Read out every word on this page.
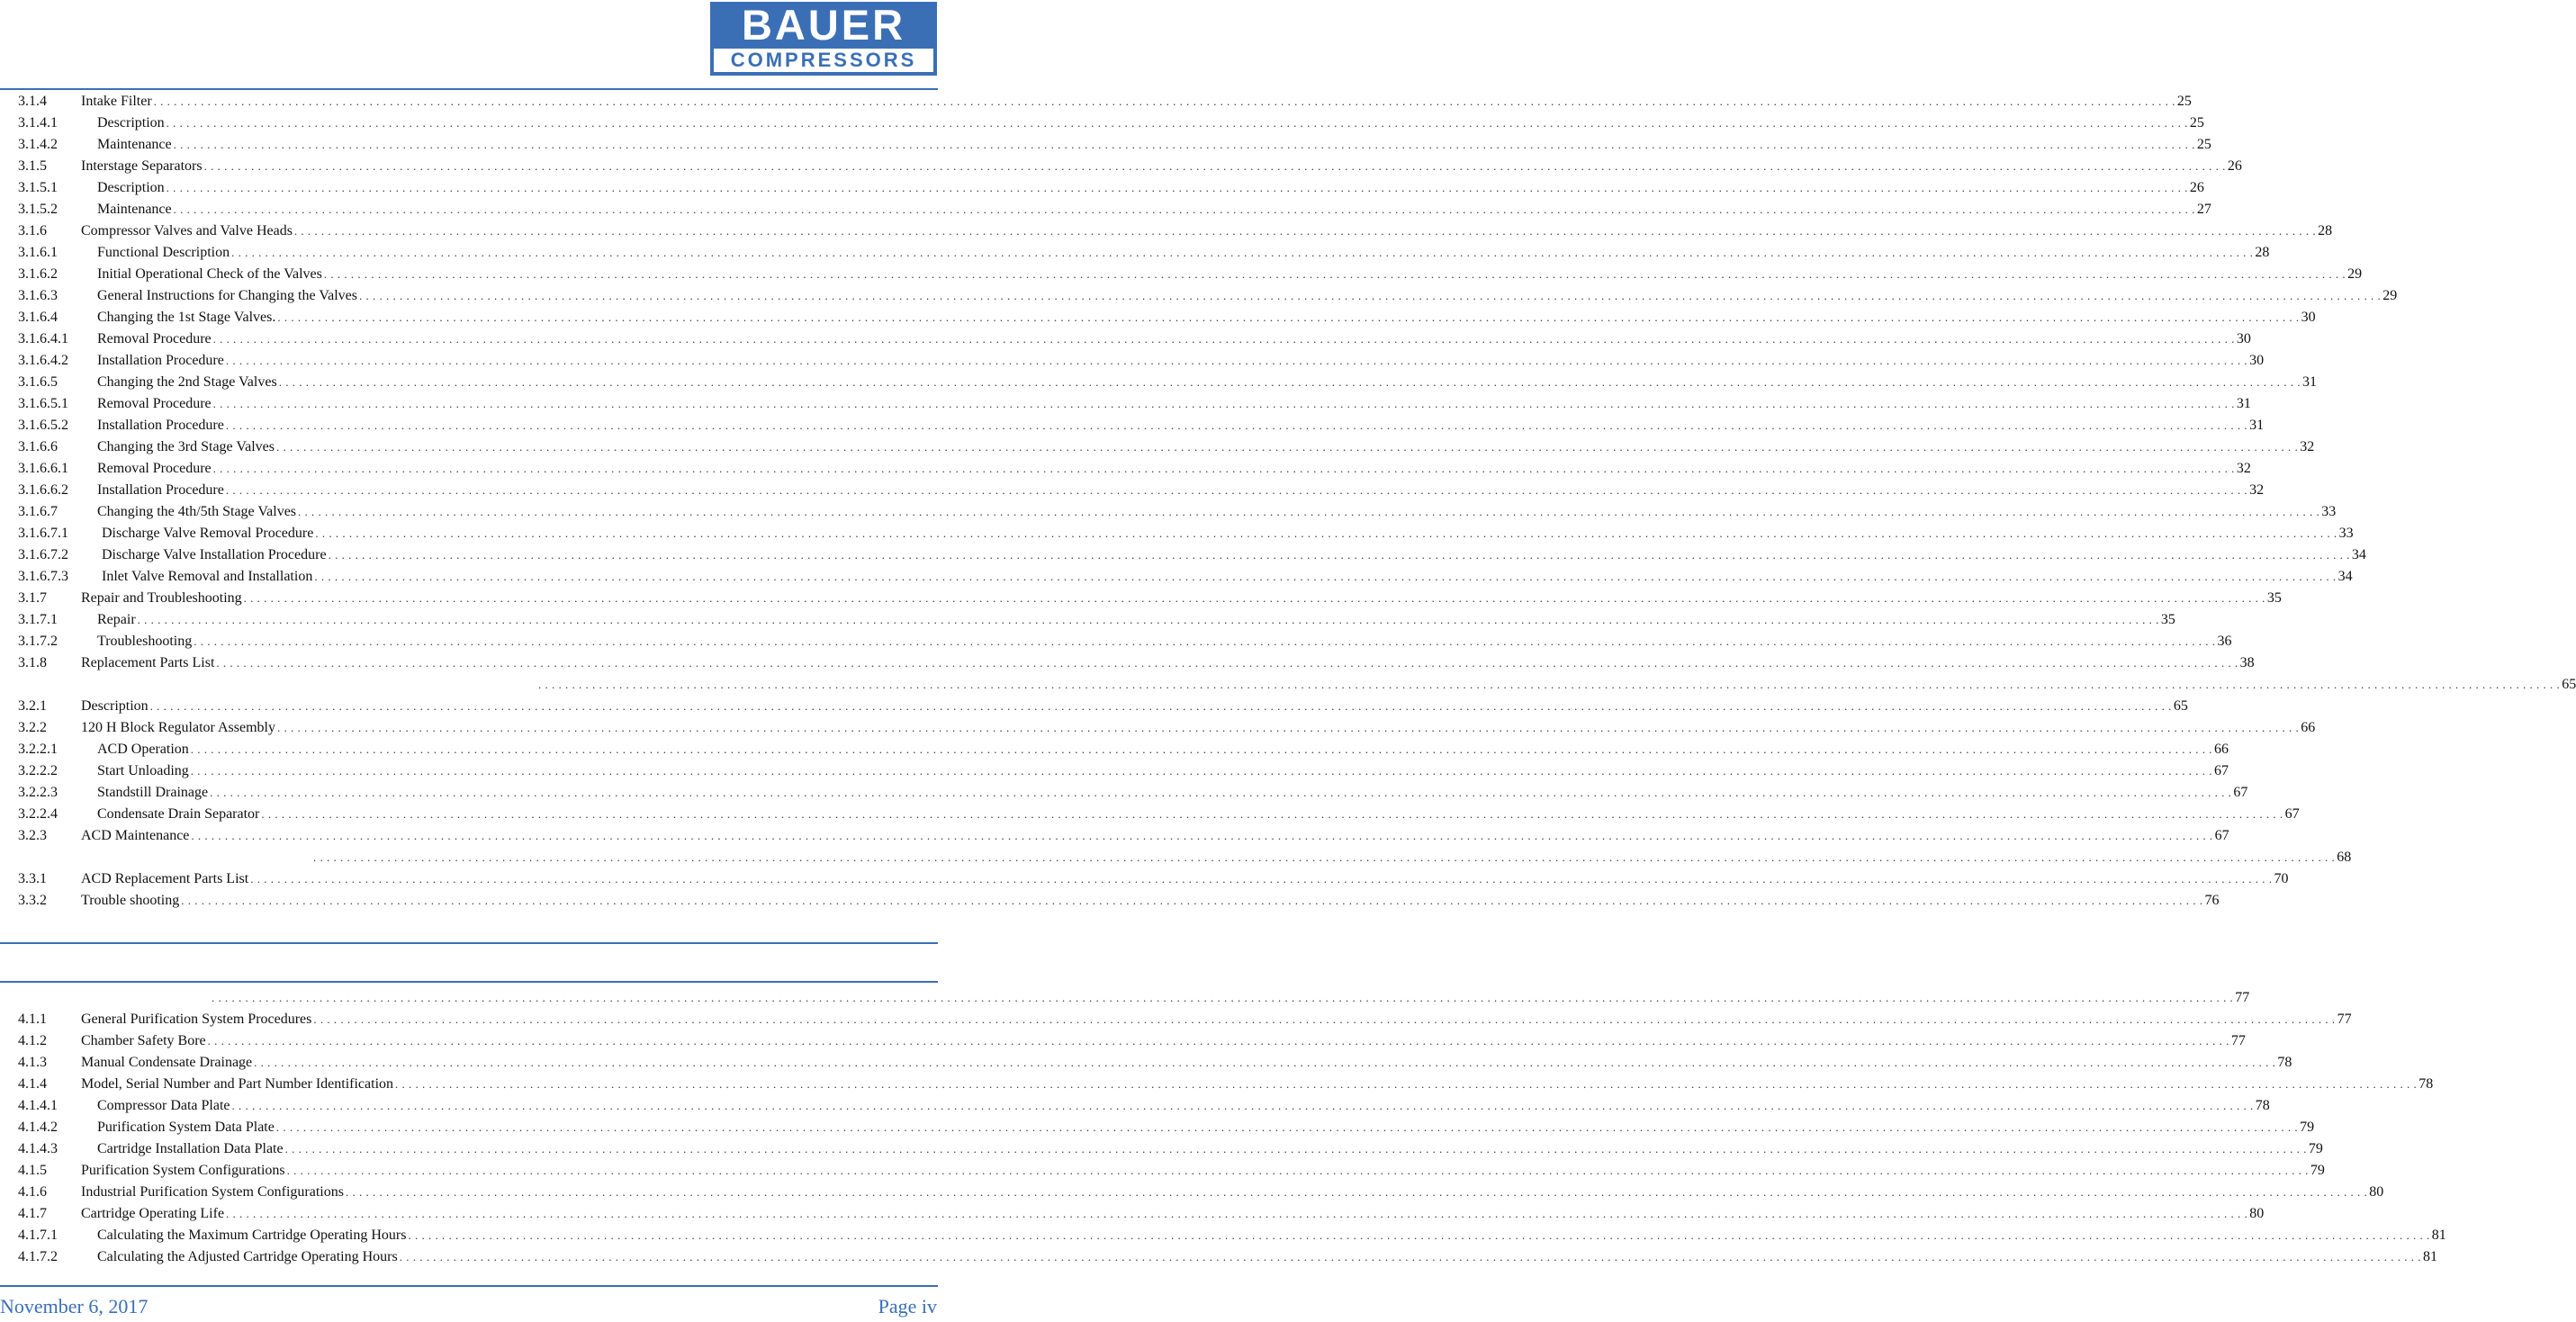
BAUER
COMPRESSORS
3.1.4 Intake Filter . . . . . . . . . . . . . . . . . . . . . . . . . . . . . . . . . . . . . . . . . . . . . . . . . . . . . . . . . . . . . . . . . . . . . . . . . . . . . . . . . . . . . . . . . . . . . . . . . . . . . . . . . . . . . . . . . . . . . . . . . . . . . . . . . . . . . . . . . . . . . . . . . . . . . . . . . . . . . . . . . . . . . . . . . . . . . . . . . . . . . . . . . . . . . . . . . . . . . . . . . . . . . . . . . . . . . . . . . . . . . . . . . . . . . . . . . . . . . . . . . . . . . . . . . . . . . . . . . . . . . . . . . . . . . . . . . . . . . . . . . . . . . . . . . . . . . . . . . . . . 25
3.1.4.1	Description . . . . . . . . . . . . . . . . . . . . . . . . . . . . . . . . . . . . . . . . . . . . . . . . . . . . . . . . . . . . . . . . . . . . . . . . . . . . . . . . . . . . . . . . . . . . . . . . . . . . . . . . . . . . . . . . . . . . . . . . . . . . . . . . . . . . . . . . . . . . . . . . . . . . . . . . . . . . . . . . . . . . . . . . . . . . . . . . . . . . . . . . . . . . . . . . . . . . . . . . . . . . . . . . . . . . . . . . . . . . . . . . . . . . . . . . . . . . . . . . . . . . . . . . . . . . . . . . . . . . . . . . . . . . . . . . . . . . . . . . . . . . . . . . . . . . . . . . . . . . 25
3.1.4.2	Maintenance . . . . . . . . . . . . . . . . . . . . . . . . . . . . . . . . . . . . . . . . . . . . . . . . . . . . . . . . . . . . . . . . . . . . . . . . . . . . . . . . . . . . . . . . . . . . . . . . . . . . . . . . . . . . . . . . . . . . . . . . . . . . . . . . . . . . . . . . . . . . . . . . . . . . . . . . . . . . . . . . . . . . . . . . . . . . . . . . . . . . . . . . . . . . . . . . . . . . . . . . . . . . . . . . . . . . . . . . . . . . . . . . . . . . . . . . . . . . . . . . . . . . . . . . . . . . . . . . . . . . . . . . . . . . . . . . . . . . . . . . . . . . . . . . . . . . . . . . . . . . 25
3.1.5 Interstage Separators . . . . . . . . . . . . . . . . . . . . . . . . . . . . . . . . . . . . . . . . . . . . . . . . . . . . . . . . . . . . . . . . . . . . . . . . . . . . . . . . . . . . . . . . . . . . . . . . . . . . . . . . . . . . . . . . . . . . . . . . . . . . . . . . . . . . . . . . . . . . . . . . . . . . . . . . . . . . . . . . . . . . . . . . . . . . . . . . . . . . . . . . . . . . . . . . . . . . . . . . . . . . . . . . . . . . . . . . . . . . . . . . . . . . . . . . . . . . . . . . . . . . . . . . . . . . . . . . . . . . . . . . . . . . . . . . . . . . . . . . . . . . . . . . . . . . . . . . . . . . 26
3.1.5.1	Description . . . . . . . . . . . . . . . . . . . . . . . . . . . . . . . . . . . . . . . . . . . . . . . . . . . . . . . . . . . . . . . . . . . . . . . . . . . . . . . . . . . . . . . . . . . . . . . . . . . . . . . . . . . . . . . . . . . . . . . . . . . . . . . . . . . . . . . . . . . . . . . . . . . . . . . . . . . . . . . . . . . . . . . . . . . . . . . . . . . . . . . . . . . . . . . . . . . . . . . . . . . . . . . . . . . . . . . . . . . . . . . . . . . . . . . . . . . . . . . . . . . . . . . . . . . . . . . . . . . . . . . . . . . . . . . . . . . . . . . . . . . . . . . . . . . . . . . . . . . . 26
3.1.5.2	Maintenance . . . . . . . . . . . . . . . . . . . . . . . . . . . . . . . . . . . . . . . . . . . . . . . . . . . . . . . . . . . . . . . . . . . . . . . . . . . . . . . . . . . . . . . . . . . . . . . . . . . . . . . . . . . . . . . . . . . . . . . . . . . . . . . . . . . . . . . . . . . . . . . . . . . . . . . . . . . . . . . . . . . . . . . . . . . . . . . . . . . . . . . . . . . . . . . . . . . . . . . . . . . . . . . . . . . . . . . . . . . . . . . . . . . . . . . . . . . . . . . . . . . . . . . . . . . . . . . . . . . . . . . . . . . . . . . . . . . . . . . . . . . . . . . . . . . . . . . . . . . . 27
3.1.6 Compressor Valves and Valve Heads . . . . . . . . . . . . . . . . . . . . . . . . . . . . . . . . . . . . . . . . . . . . . . . . . . . . . . . . . . . . . . . . . . . . . . . . . . . . . . . . . . . . . . . . . . . . . . . . . . . . . . . . . . . . . . . . . . . . . . . . . . . . . . . . . . . . . . . . . . . . . . . . . . . . . . . . . . . . . . . . . . . . . . . . . . . . . . . . . . . . . . . . . . . . . . . . . . . . . . . . . . . . . . . . . . . . . . . . . . . . . . . . . . . . . . . . . . . . . . . . . . . . . . . . . . . . . . . . . . . . . . . . . . . . . . . . . . . . . . . . . . . . . . . . . . . . . . . . . . . . 28
3.1.6.1	Functional Description . . . . . . . . . . . . . . . . . . . . . . . . . . . . . . . . . . . . . . . . . . . . . . . . . . . . . . . . . . . . . . . . . . . . . . . . . . . . . . . . . . . . . . . . . . . . . . . . . . . . . . . . . . . . . . . . . . . . . . . . . . . . . . . . . . . . . . . . . . . . . . . . . . . . . . . . . . . . . . . . . . . . . . . . . . . . . . . . . . . . . . . . . . . . . . . . . . . . . . . . . . . . . . . . . . . . . . . . . . . . . . . . . . . . . . . . . . . . . . . . . . . . . . . . . . . . . . . . . . . . . . . . . . . . . . . . . . . . . . . . . . . . . . . . . . . . . . . . . . . . 28
3.1.6.2	Initial Operational Check of the Valves . . . . . . . . . . . . . . . . . . . . . . . . . . . . . . . . . . . . . . . . . . . . . . . . . . . . . . . . . . . . . . . . . . . . . . . . . . . . . . . . . . . . . . . . . . . . . . . . . . . . . . . . . . . . . . . . . . . . . . . . . . . . . . . . . . . . . . . . . . . . . . . . . . . . . . . . . . . . . . . . . . . . . . . . . . . . . . . . . . . . . . . . . . . . . . . . . . . . . . . . . . . . . . . . . . . . . . . . . . . . . . . . . . . . . . . . . . . . . . . . . . . . . . . . . . . . . . . . . . . . . . . . . . . . . . . . . . . . . . . . . . . . . . . . . . . . . . . . . . . . 29
3.1.6.3	General Instructions for Changing the Valves . . . . . . . . . . . . . . . . . . . . . . . . . . . . . . . . . . . . . . . . . . . . . . . . . . . . . . . . . . . . . . . . . . . . . . . . . . . . . . . . . . . . . . . . . . . . . . . . . . . . . . . . . . . . . . . . . . . . . . . . . . . . . . . . . . . . . . . . . . . . . . . . . . . . . . . . . . . . . . . . . . . . . . . . . . . . . . . . . . . . . . . . . . . . . . . . . . . . . . . . . . . . . . . . . . . . . . . . . . . . . . . . . . . . . . . . . . . . . . . . . . . . . . . . . . . . . . . . . . . . . . . . . . . . . . . . . . . . . . . . . . . . . . . . . . . . . . . . . . . . 29
3.1.6.4	Changing the 1st Stage Valves. . . . . . . . . . . . . . . . . . . . . . . . . . . . . . . . . . . . . . . . . . . . . . . . . . . . . . . . . . . . . . . . . . . . . . . . . . . . . . . . . . . . . . . . . . . . . . . . . . . . . . . . . . . . . . . . . . . . . . . . . . . . . . . . . . . . . . . . . . . . . . . . . . . . . . . . . . . . . . . . . . . . . . . . . . . . . . . . . . . . . . . . . . . . . . . . . . . . . . . . . . . . . . . . . . . . . . . . . . . . . . . . . . . . . . . . . . . . . . . . . . . . . . . . . . . . . . . . . . . . . . . . . . . . . . . . . . . . . . . . . . . . . . . . . . . . . . . . . . . . . 30
3.1.6.4.1 Removal Procedure . . . . . . . . . . . . . . . . . . . . . . . . . . . . . . . . . . . . . . . . . . . . . . . . . . . . . . . . . . . . . . . . . . . . . . . . . . . . . . . . . . . . . . . . . . . . . . . . . . . . . . . . . . . . . . . . . . . . . . . . . . . . . . . . . . . . . . . . . . . . . . . . . . . . . . . . . . . . . . . . . . . . . . . . . . . . . . . . . . . . . . . . . . . . . . . . . . . . . . . . . . . . . . . . . . . . . . . . . . . . . . . . . . . . . . . . . . . . . . . . . . . . . . . . . . . . . . . . . . . . . . . . . . . . . . . . . . . . . . . . . . . . . . . . . . . . . . . . . . . . 30
3.1.6.4.2 Installation Procedure . . . . . . . . . . . . . . . . . . . . . . . . . . . . . . . . . . . . . . . . . . . . . . . . . . . . . . . . . . . . . . . . . . . . . . . . . . . . . . . . . . . . . . . . . . . . . . . . . . . . . . . . . . . . . . . . . . . . . . . . . . . . . . . . . . . . . . . . . . . . . . . . . . . . . . . . . . . . . . . . . . . . . . . . . . . . . . . . . . . . . . . . . . . . . . . . . . . . . . . . . . . . . . . . . . . . . . . . . . . . . . . . . . . . . . . . . . . . . . . . . . . . . . . . . . . . . . . . . . . . . . . . . . . . . . . . . . . . . . . . . . . . . . . . . . . . . . . . . . . . 30
3.1.6.5	Changing the 2nd Stage Valves . . . . . . . . . . . . . . . . . . . . . . . . . . . . . . . . . . . . . . . . . . . . . . . . . . . . . . . . . . . . . . . . . . . . . . . . . . . . . . . . . . . . . . . . . . . . . . . . . . . . . . . . . . . . . . . . . . . . . . . . . . . . . . . . . . . . . . . . . . . . . . . . . . . . . . . . . . . . . . . . . . . . . . . . . . . . . . . . . . . . . . . . . . . . . . . . . . . . . . . . . . . . . . . . . . . . . . . . . . . . . . . . . . . . . . . . . . . . . . . . . . . . . . . . . . . . . . . . . . . . . . . . . . . . . . . . . . . . . . . . . . . . . . . . . . . . . . . . . . . . 31
3.1.6.5.1 Removal Procedure . . . . . . . . . . . . . . . . . . . . . . . . . . . . . . . . . . . . . . . . . . . . . . . . . . . . . . . . . . . . . . . . . . . . . . . . . . . . . . . . . . . . . . . . . . . . . . . . . . . . . . . . . . . . . . . . . . . . . . . . . . . . . . . . . . . . . . . . . . . . . . . . . . . . . . . . . . . . . . . . . . . . . . . . . . . . . . . . . . . . . . . . . . . . . . . . . . . . . . . . . . . . . . . . . . . . . . . . . . . . . . . . . . . . . . . . . . . . . . . . . . . . . . . . . . . . . . . . . . . . . . . . . . . . . . . . . . . . . . . . . . . . . . . . . . . . . . . . . . . . 31
3.1.6.5.2 Installation Procedure . . . . . . . . . . . . . . . . . . . . . . . . . . . . . . . . . . . . . . . . . . . . . . . . . . . . . . . . . . . . . . . . . . . . . . . . . . . . . . . . . . . . . . . . . . . . . . . . . . . . . . . . . . . . . . . . . . . . . . . . . . . . . . . . . . . . . . . . . . . . . . . . . . . . . . . . . . . . . . . . . . . . . . . . . . . . . . . . . . . . . . . . . . . . . . . . . . . . . . . . . . . . . . . . . . . . . . . . . . . . . . . . . . . . . . . . . . . . . . . . . . . . . . . . . . . . . . . . . . . . . . . . . . . . . . . . . . . . . . . . . . . . . . . . . . . . . . . . . . . . 31
3.1.6.6	Changing the 3rd Stage Valves . . . . . . . . . . . . . . . . . . . . . . . . . . . . . . . . . . . . . . . . . . . . . . . . . . . . . . . . . . . . . . . . . . . . . . . . . . . . . . . . . . . . . . . . . . . . . . . . . . . . . . . . . . . . . . . . . . . . . . . . . . . . . . . . . . . . . . . . . . . . . . . . . . . . . . . . . . . . . . . . . . . . . . . . . . . . . . . . . . . . . . . . . . . . . . . . . . . . . . . . . . . . . . . . . . . . . . . . . . . . . . . . . . . . . . . . . . . . . . . . . . . . . . . . . . . . . . . . . . . . . . . . . . . . . . . . . . . . . . . . . . . . . . . . . . . . . . . . . . . . 32
3.1.6.6.1 Removal Procedure . . . . . . . . . . . . . . . . . . . . . . . . . . . . . . . . . . . . . . . . . . . . . . . . . . . . . . . . . . . . . . . . . . . . . . . . . . . . . . . . . . . . . . . . . . . . . . . . . . . . . . . . . . . . . . . . . . . . . . . . . . . . . . . . . . . . . . . . . . . . . . . . . . . . . . . . . . . . . . . . . . . . . . . . . . . . . . . . . . . . . . . . . . . . . . . . . . . . . . . . . . . . . . . . . . . . . . . . . . . . . . . . . . . . . . . . . . . . . . . . . . . . . . . . . . . . . . . . . . . . . . . . . . . . . . . . . . . . . . . . . . . . . . . . . . . . . . . . . . . . 32
3.1.6.6.2 Installation Procedure . . . . . . . . . . . . . . . . . . . . . . . . . . . . . . . . . . . . . . . . . . . . . . . . . . . . . . . . . . . . . . . . . . . . . . . . . . . . . . . . . . . . . . . . . . . . . . . . . . . . . . . . . . . . . . . . . . . . . . . . . . . . . . . . . . . . . . . . . . . . . . . . . . . . . . . . . . . . . . . . . . . . . . . . . . . . . . . . . . . . . . . . . . . . . . . . . . . . . . . . . . . . . . . . . . . . . . . . . . . . . . . . . . . . . . . . . . . . . . . . . . . . . . . . . . . . . . . . . . . . . . . . . . . . . . . . . . . . . . . . . . . . . . . . . . . . . . . . . . . . 32
3.1.6.7	Changing the 4th/5th Stage Valves . . . . . . . . . . . . . . . . . . . . . . . . . . . . . . . . . . . . . . . . . . . . . . . . . . . . . . . . . . . . . . . . . . . . . . . . . . . . . . . . . . . . . . . . . . . . . . . . . . . . . . . . . . . . . . . . . . . . . . . . . . . . . . . . . . . . . . . . . . . . . . . . . . . . . . . . . . . . . . . . . . . . . . . . . . . . . . . . . . . . . . . . . . . . . . . . . . . . . . . . . . . . . . . . . . . . . . . . . . . . . . . . . . . . . . . . . . . . . . . . . . . . . . . . . . . . . . . . . . . . . . . . . . . . . . . . . . . . . . . . . . . . . . . . . . . . . . . . . . . . 33
3.1.6.7.1 Discharge Valve Removal Procedure . . . . . . . . . . . . . . . . . . . . . . . . . . . . . . . . . . . . . . . . . . . . . . . . . . . . . . . . . . . . . . . . . . . . . . . . . . . . . . . . . . . . . . . . . . . . . . . . . . . . . . . . . . . . . . . . . . . . . . . . . . . . . . . . . . . . . . . . . . . . . . . . . . . . . . . . . . . . . . . . . . . . . . . . . . . . . . . . . . . . . . . . . . . . . . . . . . . . . . . . . . . . . . . . . . . . . . . . . . . . . . . . . . . . . . . . . . . . . . . . . . . . . . . . . . . . . . . . . . . . . . . . . . . . . . . . . . . . . . . . . . . . . . . . . . . . . . . . . . . . 33
3.1.6.7.2 Discharge Valve Installation Procedure . . . . . . . . . . . . . . . . . . . . . . . . . . . . . . . . . . . . . . . . . . . . . . . . . . . . . . . . . . . . . . . . . . . . . . . . . . . . . . . . . . . . . . . . . . . . . . . . . . . . . . . . . . . . . . . . . . . . . . . . . . . . . . . . . . . . . . . . . . . . . . . . . . . . . . . . . . . . . . . . . . . . . . . . . . . . . . . . . . . . . . . . . . . . . . . . . . . . . . . . . . . . . . . . . . . . . . . . . . . . . . . . . . . . . . . . . . . . . . . . . . . . . . . . . . . . . . . . . . . . . . . . . . . . . . . . . . . . . . . . . . . . . . . . . . . . . . . . . . . . 34
3.1.6.7.3 Inlet Valve Removal and Installation . . . . . . . . . . . . . . . . . . . . . . . . . . . . . . . . . . . . . . . . . . . . . . . . . . . . . . . . . . . . . . . . . . . . . . . . . . . . . . . . . . . . . . . . . . . . . . . . . . . . . . . . . . . . . . . . . . . . . . . . . . . . . . . . . . . . . . . . . . . . . . . . . . . . . . . . . . . . . . . . . . . . . . . . . . . . . . . . . . . . . . . . . . . . . . . . . . . . . . . . . . . . . . . . . . . . . . . . . . . . . . . . . . . . . . . . . . . . . . . . . . . . . . . . . . . . . . . . . . . . . . . . . . . . . . . . . . . . . . . . . . . . . . . . . . . . . . . . . . . . 34
3.1.7 Repair and Troubleshooting . . . . . . . . . . . . . . . . . . . . . . . . . . . . . . . . . . . . . . . . . . . . . . . . . . . . . . . . . . . . . . . . . . . . . . . . . . . . . . . . . . . . . . . . . . . . . . . . . . . . . . . . . . . . . . . . . . . . . . . . . . . . . . . . . . . . . . . . . . . . . . . . . . . . . . . . . . . . . . . . . . . . . . . . . . . . . . . . . . . . . . . . . . . . . . . . . . . . . . . . . . . . . . . . . . . . . . . . . . . . . . . . . . . . . . . . . . . . . . . . . . . . . . . . . . . . . . . . . . . . . . . . . . . . . . . . . . . . . . . . . . . . . . . . . . . . . . . . . . . . 35
3.1.7.1	Repair . . . . . . . . . . . . . . . . . . . . . . . . . . . . . . . . . . . . . . . . . . . . . . . . . . . . . . . . . . . . . . . . . . . . . . . . . . . . . . . . . . . . . . . . . . . . . . . . . . . . . . . . . . . . . . . . . . . . . . . . . . . . . . . . . . . . . . . . . . . . . . . . . . . . . . . . . . . . . . . . . . . . . . . . . . . . . . . . . . . . . . . . . . . . . . . . . . . . . . . . . . . . . . . . . . . . . . . . . . . . . . . . . . . . . . . . . . . . . . . . . . . . . . . . . . . . . . . . . . . . . . . . . . . . . . . . . . . . . . . . . . . . . . . . . . . . . . . . . . . . 35
3.1.7.2	Troubleshooting . . . . . . . . . . . . . . . . . . . . . . . . . . . . . . . . . . . . . . . . . . . . . . . . . . . . . . . . . . . . . . . . . . . . . . . . . . . . . . . . . . . . . . . . . . . . . . . . . . . . . . . . . . . . . . . . . . . . . . . . . . . . . . . . . . . . . . . . . . . . . . . . . . . . . . . . . . . . . . . . . . . . . . . . . . . . . . . . . . . . . . . . . . . . . . . . . . . . . . . . . . . . . . . . . . . . . . . . . . . . . . . . . . . . . . . . . . . . . . . . . . . . . . . . . . . . . . . . . . . . . . . . . . . . . . . . . . . . . . . . . . . . . . . . . . . . . . . . . . . . 36
3.1.8 Replacement Parts List . . . . . . . . . . . . . . . . . . . . . . . . . . . . . . . . . . . . . . . . . . . . . . . . . . . . . . . . . . . . . . . . . . . . . . . . . . . . . . . . . . . . . . . . . . . . . . . . . . . . . . . . . . . . . . . . . . . . . . . . . . . . . . . . . . . . . . . . . . . . . . . . . . . . . . . . . . . . . . . . . . . . . . . . . . . . . . . . . . . . . . . . . . . . . . . . . . . . . . . . . . . . . . . . . . . . . . . . . . . . . . . . . . . . . . . . . . . . . . . . . . . . . . . . . . . . . . . . . . . . . . . . . . . . . . . . . . . . . . . . . . . . . . . . . . . . . . . . . . . . 38
. . . . . . . . . . . . . . . . . . . . . . . . . . . . . . . . . . . . . . . . . . . . . . . . . . . . . . . . . . . . . . . . . . . . . . . . . . . . . . . . . . . . . . . . . . . . . . . . . . . . . . . . . . . . . . . . . . . . . . . . . . . . . . . . . . . . . . . . . . . . . . . . . . . . . . . . . . . . . . . . . . . . . . . . . . . . . . . . . . . . . . . . . . . . . . . . . . . . . . . . . . . . . . . . . . . . . . . . . . . . . . . . . . . . . . . . . . . . . . . . . . . . . . . . . . . . . . . . . . . . . . . . . . . . . . . . . . . . . . . . . . . . . . . . . . . . . . . . . . . . 65
3.2.1 Description . . . . . . . . . . . . . . . . . . . . . . . . . . . . . . . . . . . . . . . . . . . . . . . . . . . . . . . . . . . . . . . . . . . . . . . . . . . . . . . . . . . . . . . . . . . . . . . . . . . . . . . . . . . . . . . . . . . . . . . . . . . . . . . . . . . . . . . . . . . . . . . . . . . . . . . . . . . . . . . . . . . . . . . . . . . . . . . . . . . . . . . . . . . . . . . . . . . . . . . . . . . . . . . . . . . . . . . . . . . . . . . . . . . . . . . . . . . . . . . . . . . . . . . . . . . . . . . . . . . . . . . . . . . . . . . . . . . . . . . . . . . . . . . . . . . . . . . . . . . . 65
3.2.2 120 H Block Regulator Assembly . . . . . . . . . . . . . . . . . . . . . . . . . . . . . . . . . . . . . . . . . . . . . . . . . . . . . . . . . . . . . . . . . . . . . . . . . . . . . . . . . . . . . . . . . . . . . . . . . . . . . . . . . . . . . . . . . . . . . . . . . . . . . . . . . . . . . . . . . . . . . . . . . . . . . . . . . . . . . . . . . . . . . . . . . . . . . . . . . . . . . . . . . . . . . . . . . . . . . . . . . . . . . . . . . . . . . . . . . . . . . . . . . . . . . . . . . . . . . . . . . . . . . . . . . . . . . . . . . . . . . . . . . . . . . . . . . . . . . . . . . . . . . . . . . . . . . . . . . . . . 66
3.2.2.1	ACD Operation . . . . . . . . . . . . . . . . . . . . . . . . . . . . . . . . . . . . . . . . . . . . . . . . . . . . . . . . . . . . . . . . . . . . . . . . . . . . . . . . . . . . . . . . . . . . . . . . . . . . . . . . . . . . . . . . . . . . . . . . . . . . . . . . . . . . . . . . . . . . . . . . . . . . . . . . . . . . . . . . . . . . . . . . . . . . . . . . . . . . . . . . . . . . . . . . . . . . . . . . . . . . . . . . . . . . . . . . . . . . . . . . . . . . . . . . . . . . . . . . . . . . . . . . . . . . . . . . . . . . . . . . . . . . . . . . . . . . . . . . . . . . . . . . . . . . . . . . . . . . 66
3.2.2.2	Start Unloading . . . . . . . . . . . . . . . . . . . . . . . . . . . . . . . . . . . . . . . . . . . . . . . . . . . . . . . . . . . . . . . . . . . . . . . . . . . . . . . . . . . . . . . . . . . . . . . . . . . . . . . . . . . . . . . . . . . . . . . . . . . . . . . . . . . . . . . . . . . . . . . . . . . . . . . . . . . . . . . . . . . . . . . . . . . . . . . . . . . . . . . . . . . . . . . . . . . . . . . . . . . . . . . . . . . . . . . . . . . . . . . . . . . . . . . . . . . . . . . . . . . . . . . . . . . . . . . . . . . . . . . . . . . . . . . . . . . . . . . . . . . . . . . . . . . . . . . . . . . . 67
3.2.2.3	Standstill Drainage . . . . . . . . . . . . . . . . . . . . . . . . . . . . . . . . . . . . . . . . . . . . . . . . . . . . . . . . . . . . . . . . . . . . . . . . . . . . . . . . . . . . . . . . . . . . . . . . . . . . . . . . . . . . . . . . . . . . . . . . . . . . . . . . . . . . . . . . . . . . . . . . . . . . . . . . . . . . . . . . . . . . . . . . . . . . . . . . . . . . . . . . . . . . . . . . . . . . . . . . . . . . . . . . . . . . . . . . . . . . . . . . . . . . . . . . . . . . . . . . . . . . . . . . . . . . . . . . . . . . . . . . . . . . . . . . . . . . . . . . . . . . . . . . . . . . . . . . . . . . 67
3.2.2.4	Condensate Drain Separator . . . . . . . . . . . . . . . . . . . . . . . . . . . . . . . . . . . . . . . . . . . . . . . . . . . . . . . . . . . . . . . . . . . . . . . . . . . . . . . . . . . . . . . . . . . . . . . . . . . . . . . . . . . . . . . . . . . . . . . . . . . . . . . . . . . . . . . . . . . . . . . . . . . . . . . . . . . . . . . . . . . . . . . . . . . . . . . . . . . . . . . . . . . . . . . . . . . . . . . . . . . . . . . . . . . . . . . . . . . . . . . . . . . . . . . . . . . . . . . . . . . . . . . . . . . . . . . . . . . . . . . . . . . . . . . . . . . . . . . . . . . . . . . . . . . . . . . . . . . . 67
3.2.3 ACD Maintenance . . . . . . . . . . . . . . . . . . . . . . . . . . . . . . . . . . . . . . . . . . . . . . . . . . . . . . . . . . . . . . . . . . . . . . . . . . . . . . . . . . . . . . . . . . . . . . . . . . . . . . . . . . . . . . . . . . . . . . . . . . . . . . . . . . . . . . . . . . . . . . . . . . . . . . . . . . . . . . . . . . . . . . . . . . . . . . . . . . . . . . . . . . . . . . . . . . . . . . . . . . . . . . . . . . . . . . . . . . . . . . . . . . . . . . . . . . . . . . . . . . . . . . . . . . . . . . . . . . . . . . . . . . . . . . . . . . . . . . . . . . . . . . . . . . . . . . . . . . . . 67
. . . . . . . . . . . . . . . . . . . . . . . . . . . . . . . . . . . . . . . . . . . . . . . . . . . . . . . . . . . . . . . . . . . . . . . . . . . . . . . . . . . . . . . . . . . . . . . . . . . . . . . . . . . . . . . . . . . . . . . . . . . . . . . . . . . . . . . . . . . . . . . . . . . . . . . . . . . . . . . . . . . . . . . . . . . . . . . . . . . . . . . . . . . . . . . . . . . . . . . . . . . . . . . . . . . . . . . . . . . . . . . . . . . . . . . . . . . . . . . . . . . . . . . . . . . . . . . . . . . . . . . . . . . . . . . . . . . . . . . . . . . . . . . . . . . . . . . . . . . . 68
3.3.1 ACD Replacement Parts List . . . . . . . . . . . . . . . . . . . . . . . . . . . . . . . . . . . . . . . . . . . . . . . . . . . . . . . . . . . . . . . . . . . . . . . . . . . . . . . . . . . . . . . . . . . . . . . . . . . . . . . . . . . . . . . . . . . . . . . . . . . . . . . . . . . . . . . . . . . . . . . . . . . . . . . . . . . . . . . . . . . . . . . . . . . . . . . . . . . . . . . . . . . . . . . . . . . . . . . . . . . . . . . . . . . . . . . . . . . . . . . . . . . . . . . . . . . . . . . . . . . . . . . . . . . . . . . . . . . . . . . . . . . . . . . . . . . . . . . . . . . . . . . . . . . . . . . . . . . . 70
3.3.2 Trouble shooting . . . . . . . . . . . . . . . . . . . . . . . . . . . . . . . . . . . . . . . . . . . . . . . . . . . . . . . . . . . . . . . . . . . . . . . . . . . . . . . . . . . . . . . . . . . . . . . . . . . . . . . . . . . . . . . . . . . . . . . . . . . . . . . . . . . . . . . . . . . . . . . . . . . . . . . . . . . . . . . . . . . . . . . . . . . . . . . . . . . . . . . . . . . . . . . . . . . . . . . . . . . . . . . . . . . . . . . . . . . . . . . . . . . . . . . . . . . . . . . . . . . . . . . . . . . . . . . . . . . . . . . . . . . . . . . . . . . . . . . . . . . . . . . . . . . . . . . . . . . . 76
. . . . . . . . . . . . . . . . . . . . . . . . . . . . . . . . . . . . . . . . . . . . . . . . . . . . . . . . . . . . . . . . . . . . . . . . . . . . . . . . . . . . . . . . . . . . . . . . . . . . . . . . . . . . . . . . . . . . . . . . . . . . . . . . . . . . . . . . . . . . . . . . . . . . . . . . . . . . . . . . . . . . . . . . . . . . . . . . . . . . . . . . . . . . . . . . . . . . . . . . . . . . . . . . . . . . . . . . . . . . . . . . . . . . . . . . . . . . . . . . . . . . . . . . . . . . . . . . . . . . . . . . . . . . . . . . . . . . . . . . . . . . . . . . . . . . . . . . . . . . 77
4.1.1 General Purification System Procedures . . . . . . . . . . . . . . . . . . . . . . . . . . . . . . . . . . . . . . . . . . . . . . . . . . . . . . . . . . . . . . . . . . . . . . . . . . . . . . . . . . . . . . . . . . . . . . . . . . . . . . . . . . . . . . . . . . . . . . . . . . . . . . . . . . . . . . . . . . . . . . . . . . . . . . . . . . . . . . . . . . . . . . . . . . . . . . . . . . . . . . . . . . . . . . . . . . . . . . . . . . . . . . . . . . . . . . . . . . . . . . . . . . . . . . . . . . . . . . . . . . . . . . . . . . . . . . . . . . . . . . . . . . . . . . . . . . . . . . . . . . . . . . . . . . . . . . . . . . . . 77
4.1.2 Chamber Safety Bore . . . . . . . . . . . . . . . . . . . . . . . . . . . . . . . . . . . . . . . . . . . . . . . . . . . . . . . . . . . . . . . . . . . . . . . . . . . . . . . . . . . . . . . . . . . . . . . . . . . . . . . . . . . . . . . . . . . . . . . . . . . . . . . . . . . . . . . . . . . . . . . . . . . . . . . . . . . . . . . . . . . . . . . . . . . . . . . . . . . . . . . . . . . . . . . . . . . . . . . . . . . . . . . . . . . . . . . . . . . . . . . . . . . . . . . . . . . . . . . . . . . . . . . . . . . . . . . . . . . . . . . . . . . . . . . . . . . . . . . . . . . . . . . . . . . . . . . . . . . . 77
4.1.3 Manual Condensate Drainage . . . . . . . . . . . . . . . . . . . . . . . . . . . . . . . . . . . . . . . . . . . . . . . . . . . . . . . . . . . . . . . . . . . . . . . . . . . . . . . . . . . . . . . . . . . . . . . . . . . . . . . . . . . . . . . . . . . . . . . . . . . . . . . . . . . . . . . . . . . . . . . . . . . . . . . . . . . . . . . . . . . . . . . . . . . . . . . . . . . . . . . . . . . . . . . . . . . . . . . . . . . . . . . . . . . . . . . . . . . . . . . . . . . . . . . . . . . . . . . . . . . . . . . . . . . . . . . . . . . . . . . . . . . . . . . . . . . . . . . . . . . . . . . . . . . . . . . . . . . . 78
4.1.4 Model, Serial Number and Part Number Identification . . . . . . . . . . . . . . . . . . . . . . . . . . . . . . . . . . . . . . . . . . . . . . . . . . . . . . . . . . . . . . . . . . . . . . . . . . . . . . . . . . . . . . . . . . . . . . . . . . . . . . . . . . . . . . . . . . . . . . . . . . . . . . . . . . . . . . . . . . . . . . . . . . . . . . . . . . . . . . . . . . . . . . . . . . . . . . . . . . . . . . . . . . . . . . . . . . . . . . . . . . . . . . . . . . . . . . . . . . . . . . . . . . . . . . . . . . . . . . . . . . . . . . . . . . . . . . . . . . . . . . . . . . . . . . . . . . . . . . . . . . . . . . . . . . . . . . . . . . . . 78
4.1.4.1	Compressor Data Plate . . . . . . . . . . . . . . . . . . . . . . . . . . . . . . . . . . . . . . . . . . . . . . . . . . . . . . . . . . . . . . . . . . . . . . . . . . . . . . . . . . . . . . . . . . . . . . . . . . . . . . . . . . . . . . . . . . . . . . . . . . . . . . . . . . . . . . . . . . . . . . . . . . . . . . . . . . . . . . . . . . . . . . . . . . . . . . . . . . . . . . . . . . . . . . . . . . . . . . . . . . . . . . . . . . . . . . . . . . . . . . . . . . . . . . . . . . . . . . . . . . . . . . . . . . . . . . . . . . . . . . . . . . . . . . . . . . . . . . . . . . . . . . . . . . . . . . . . . . . . 78
4.1.4.2	Purification System Data Plate . . . . . . . . . . . . . . . . . . . . . . . . . . . . . . . . . . . . . . . . . . . . . . . . . . . . . . . . . . . . . . . . . . . . . . . . . . . . . . . . . . . . . . . . . . . . . . . . . . . . . . . . . . . . . . . . . . . . . . . . . . . . . . . . . . . . . . . . . . . . . . . . . . . . . . . . . . . . . . . . . . . . . . . . . . . . . . . . . . . . . . . . . . . . . . . . . . . . . . . . . . . . . . . . . . . . . . . . . . . . . . . . . . . . . . . . . . . . . . . . . . . . . . . . . . . . . . . . . . . . . . . . . . . . . . . . . . . . . . . . . . . . . . . . . . . . . . . . . . . . 79
4.1.4.3	Cartridge Installation Data Plate . . . . . . . . . . . . . . . . . . . . . . . . . . . . . . . . . . . . . . . . . . . . . . . . . . . . . . . . . . . . . . . . . . . . . . . . . . . . . . . . . . . . . . . . . . . . . . . . . . . . . . . . . . . . . . . . . . . . . . . . . . . . . . . . . . . . . . . . . . . . . . . . . . . . . . . . . . . . . . . . . . . . . . . . . . . . . . . . . . . . . . . . . . . . . . . . . . . . . . . . . . . . . . . . . . . . . . . . . . . . . . . . . . . . . . . . . . . . . . . . . . . . . . . . . . . . . . . . . . . . . . . . . . . . . . . . . . . . . . . . . . . . . . . . . . . . . . . . . . . . 79
4.1.5 Purification System Configurations . . . . . . . . . . . . . . . . . . . . . . . . . . . . . . . . . . . . . . . . . . . . . . . . . . . . . . . . . . . . . . . . . . . . . . . . . . . . . . . . . . . . . . . . . . . . . . . . . . . . . . . . . . . . . . . . . . . . . . . . . . . . . . . . . . . . . . . . . . . . . . . . . . . . . . . . . . . . . . . . . . . . . . . . . . . . . . . . . . . . . . . . . . . . . . . . . . . . . . . . . . . . . . . . . . . . . . . . . . . . . . . . . . . . . . . . . . . . . . . . . . . . . . . . . . . . . . . . . . . . . . . . . . . . . . . . . . . . . . . . . . . . . . . . . . . . . . . . . . . . 79
4.1.6 Industrial Purification System Configurations . . . . . . . . . . . . . . . . . . . . . . . . . . . . . . . . . . . . . . . . . . . . . . . . . . . . . . . . . . . . . . . . . . . . . . . . . . . . . . . . . . . . . . . . . . . . . . . . . . . . . . . . . . . . . . . . . . . . . . . . . . . . . . . . . . . . . . . . . . . . . . . . . . . . . . . . . . . . . . . . . . . . . . . . . . . . . . . . . . . . . . . . . . . . . . . . . . . . . . . . . . . . . . . . . . . . . . . . . . . . . . . . . . . . . . . . . . . . . . . . . . . . . . . . . . . . . . . . . . . . . . . . . . . . . . . . . . . . . . . . . . . . . . . . . . . . . . . . . . . . 80
4.1.7 Cartridge Operating Life . . . . . . . . . . . . . . . . . . . . . . . . . . . . . . . . . . . . . . . . . . . . . . . . . . . . . . . . . . . . . . . . . . . . . . . . . . . . . . . . . . . . . . . . . . . . . . . . . . . . . . . . . . . . . . . . . . . . . . . . . . . . . . . . . . . . . . . . . . . . . . . . . . . . . . . . . . . . . . . . . . . . . . . . . . . . . . . . . . . . . . . . . . . . . . . . . . . . . . . . . . . . . . . . . . . . . . . . . . . . . . . . . . . . . . . . . . . . . . . . . . . . . . . . . . . . . . . . . . . . . . . . . . . . . . . . . . . . . . . . . . . . . . . . . . . . . . . . . . . . 80
4.1.7.1	Calculating the Maximum Cartridge Operating Hours . . . . . . . . . . . . . . . . . . . . . . . . . . . . . . . . . . . . . . . . . . . . . . . . . . . . . . . . . . . . . . . . . . . . . . . . . . . . . . . . . . . . . . . . . . . . . . . . . . . . . . . . . . . . . . . . . . . . . . . . . . . . . . . . . . . . . . . . . . . . . . . . . . . . . . . . . . . . . . . . . . . . . . . . . . . . . . . . . . . . . . . . . . . . . . . . . . . . . . . . . . . . . . . . . . . . . . . . . . . . . . . . . . . . . . . . . . . . . . . . . . . . . . . . . . . . . . . . . . . . . . . . . . . . . . . . . . . . . . . . . . . . . . . . . . . . . . . . . . . . 81
4.1.7.2	Calculating the Adjusted Cartridge Operating Hours . . . . . . . . . . . . . . . . . . . . . . . . . . . . . . . . . . . . . . . . . . . . . . . . . . . . . . . . . . . . . . . . . . . . . . . . . . . . . . . . . . . . . . . . . . . . . . . . . . . . . . . . . . . . . . . . . . . . . . . . . . . . . . . . . . . . . . . . . . . . . . . . . . . . . . . . . . . . . . . . . . . . . . . . . . . . . . . . . . . . . . . . . . . . . . . . . . . . . . . . . . . . . . . . . . . . . . . . . . . . . . . . . . . . . . . . . . . . . . . . . . . . . . . . . . . . . . . . . . . . . . . . . . . . . . . . . . . . . . . . . . . . . . . . . . . . . . . . . . . . 81
November 6, 2017	Page iv
